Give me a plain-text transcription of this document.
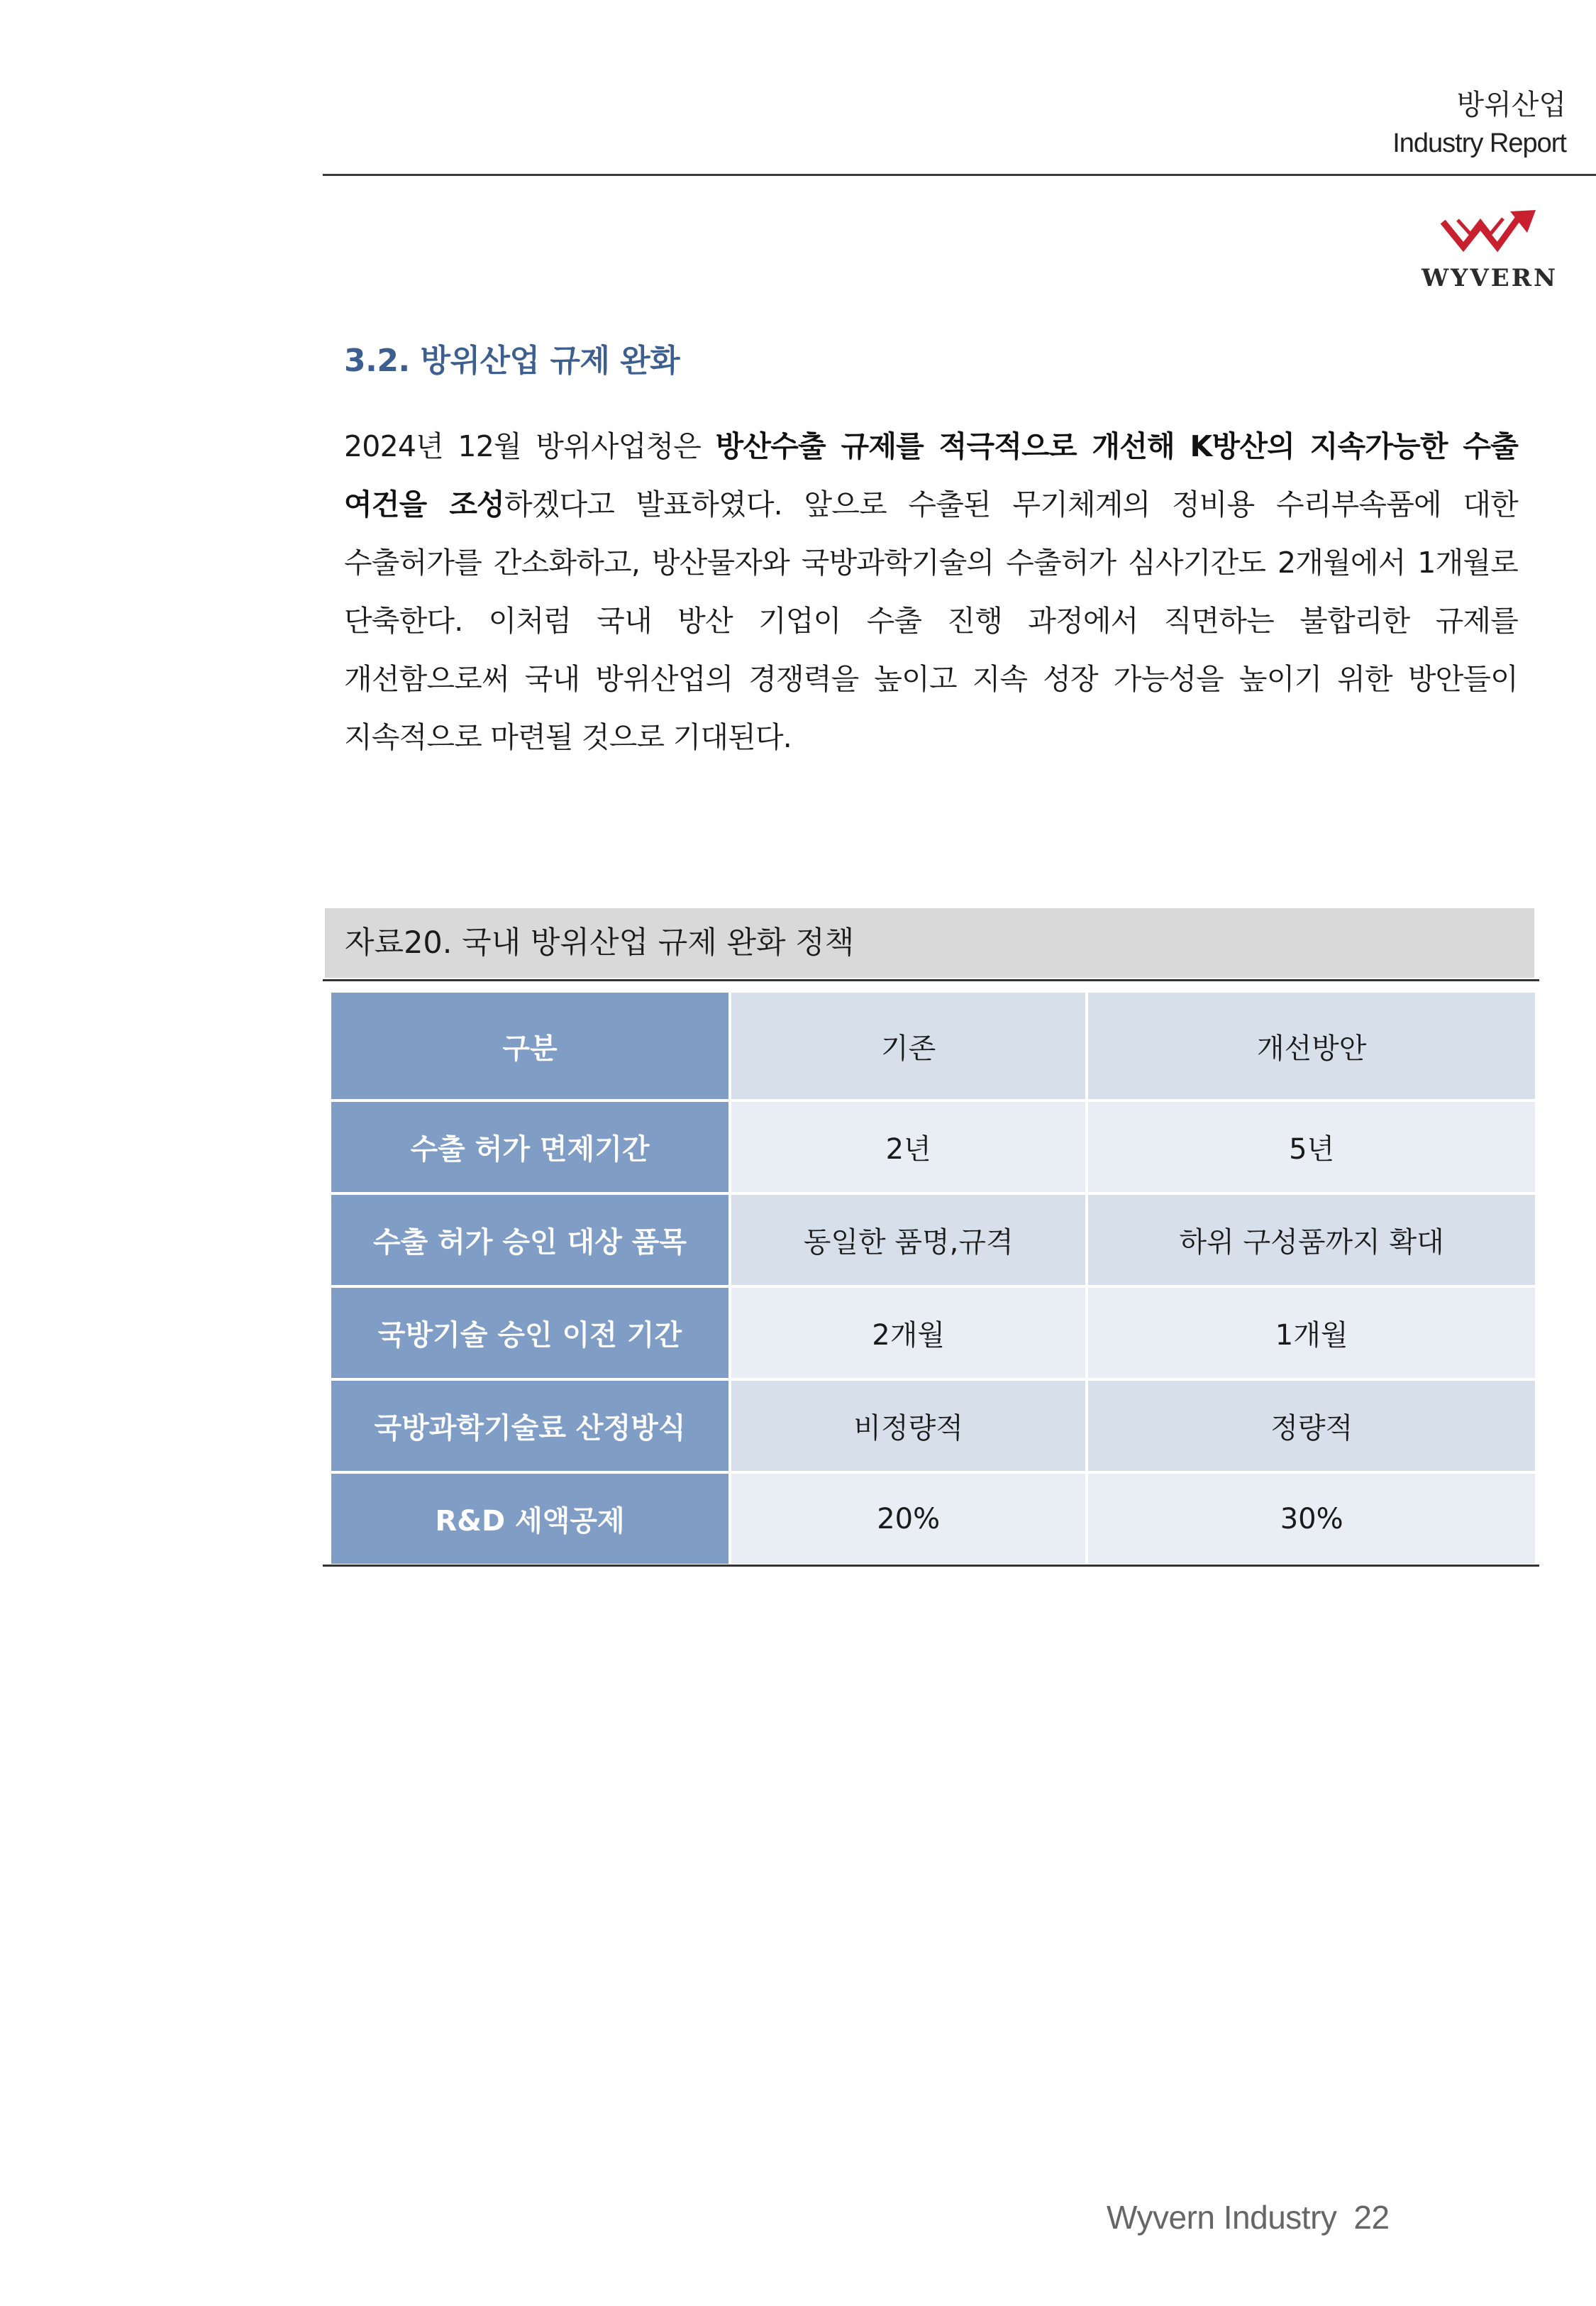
방위산업
Industry Report
WYVERN
3.2. 방위산업 규제 완화
2024년 12월 방위사업청은 방산수출 규제를 적극적으로 개선해 K방산의 지속가능한 수출 여건을 조성하겠다고 발표하였다. 앞으로 수출된 무기체계의 정비용 수리부속품에 대한 수출허가를 간소화하고, 방산물자와 국방과학기술의 수출허가 심사기간도 2개월에서 1개월로 단축한다. 이처럼 국내 방산 기업이 수출 진행 과정에서 직면하는 불합리한 규제를 개선함으로써 국내 방위산업의 경쟁력을 높이고 지속 성장 가능성을 높이기 위한 방안들이 지속적으로 마련될 것으로 기대된다.
자료20. 국내 방위산업 규제 완화 정책
구분	기존	개선방안
수출 허가 면제기간	2년	5년
수출 허가 승인 대상 품목	동일한 품명,규격	하위 구성품까지 확대
국방기술 승인 이전 기간	2개월	1개월
국방과학기술료 산정방식	비정량적	정량적
R&D 세액공제	20%	30%
Wyvern Industry 22
